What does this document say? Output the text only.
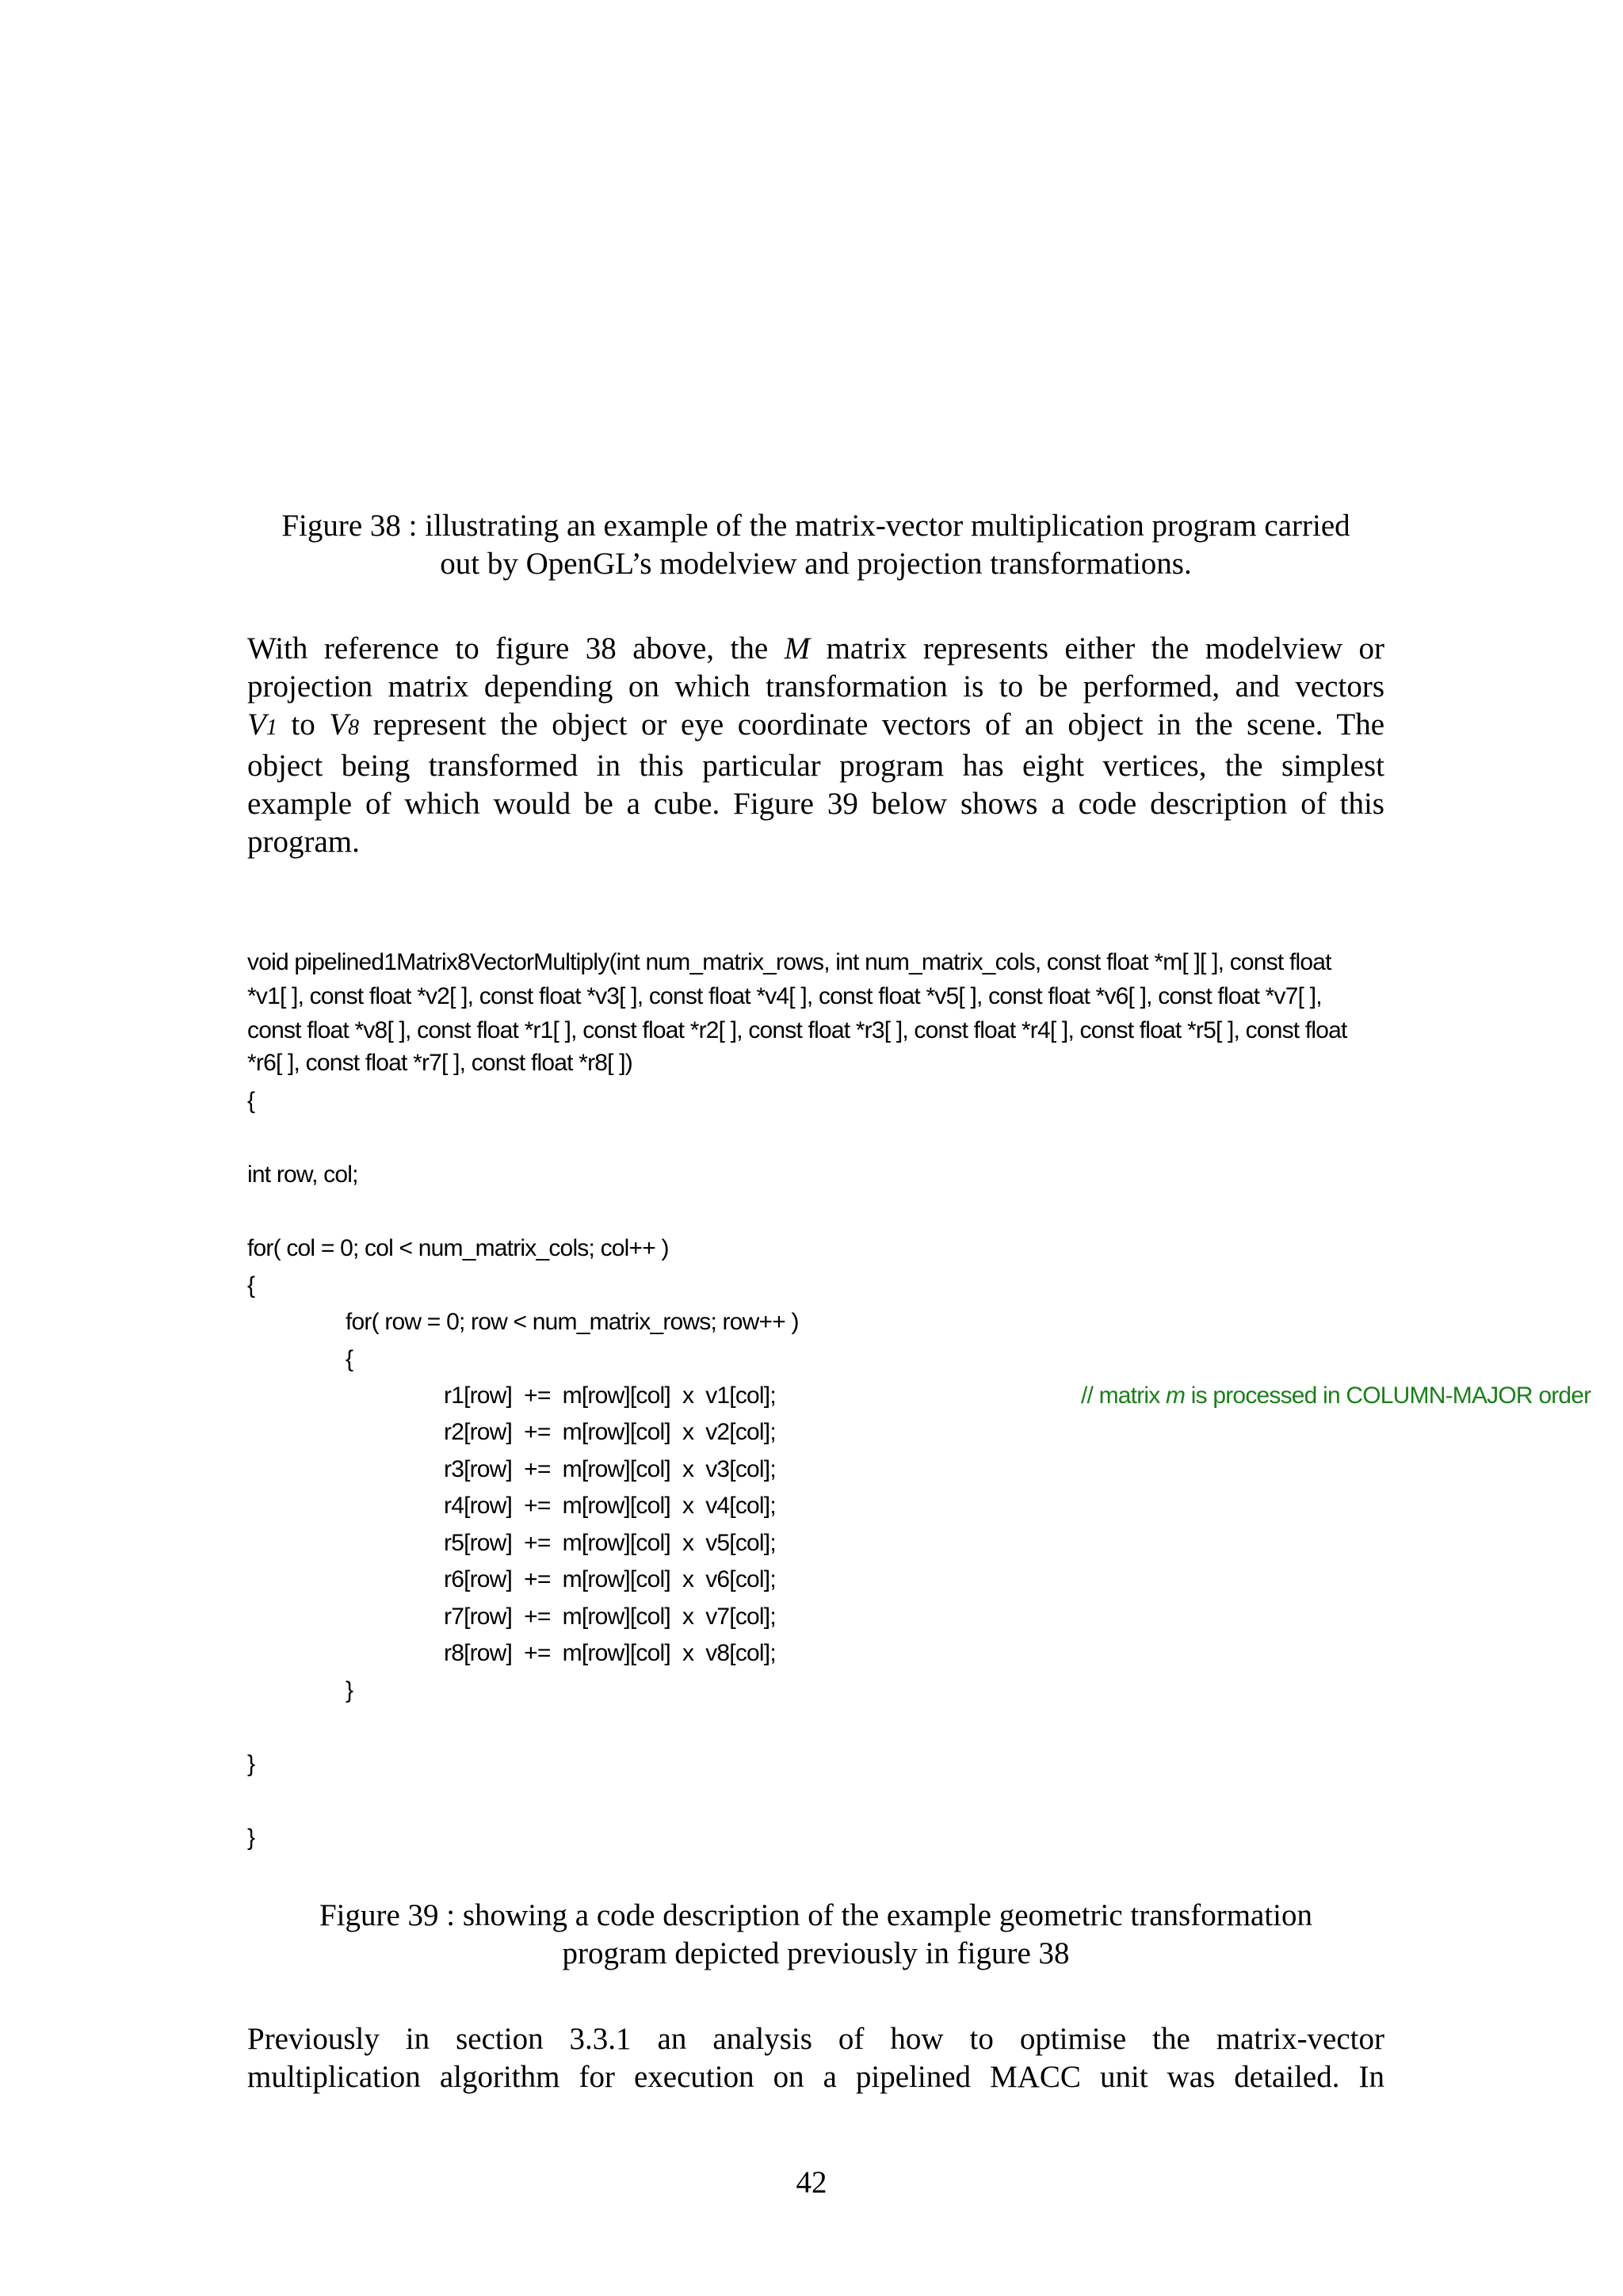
Figure 38 : illustrating an example of the matrix-vector multiplication program carried
out by OpenGL’s modelview and projection transformations.
With reference to figure 38 above, the M matrix represents either the modelview or
projection matrix depending on which transformation is to be performed, and vectors
V1 to V8 represent the object or eye coordinate vectors of an object in the scene. The
object being transformed in this particular program has eight vertices, the simplest
example of which would be a cube. Figure 39 below shows a code description of this
program.

void pipelined1Matrix8VectorMultiply(int num_matrix_rows, int num_matrix_cols, const float *m[ ][ ], const float

*v1[ ], const float *v2[ ], const float *v3[ ], const float *v4[ ], const float *v5[ ], const float *v6[ ], const float *v7[ ],

const float *v8[ ], const float *r1[ ], const float *r2[ ], const float *r3[ ], const float *r4[ ], const float *r5[ ], const float

*r6[ ], const float *r7[ ], const float *r8[ ])

{

int row, col;

for( col = 0; col < num_matrix_cols; col++ )

{

for( row = 0; row < num_matrix_rows; row++ )

{

r1[row]  +=  m[row][col]  x  v1[col];

	// matrix m is processed in COLUMN-MAJOR order

r2[row]  +=  m[row][col]  x  v2[col];

r3[row]  +=  m[row][col]  x  v3[col];

r4[row]  +=  m[row][col]  x  v4[col];

r5[row]  +=  m[row][col]  x  v5[col];

r6[row]  +=  m[row][col]  x  v6[col];

r7[row]  +=  m[row][col]  x  v7[col];

r8[row]  +=  m[row][col]  x  v8[col];

}

}

}

Figure 39 : showing a code description of the example geometric transformation
program depicted previously in figure 38
Previously in section 3.3.1 an analysis of how to optimise the matrix-vector
multiplication algorithm for execution on a pipelined MACC unit was detailed. In
42
